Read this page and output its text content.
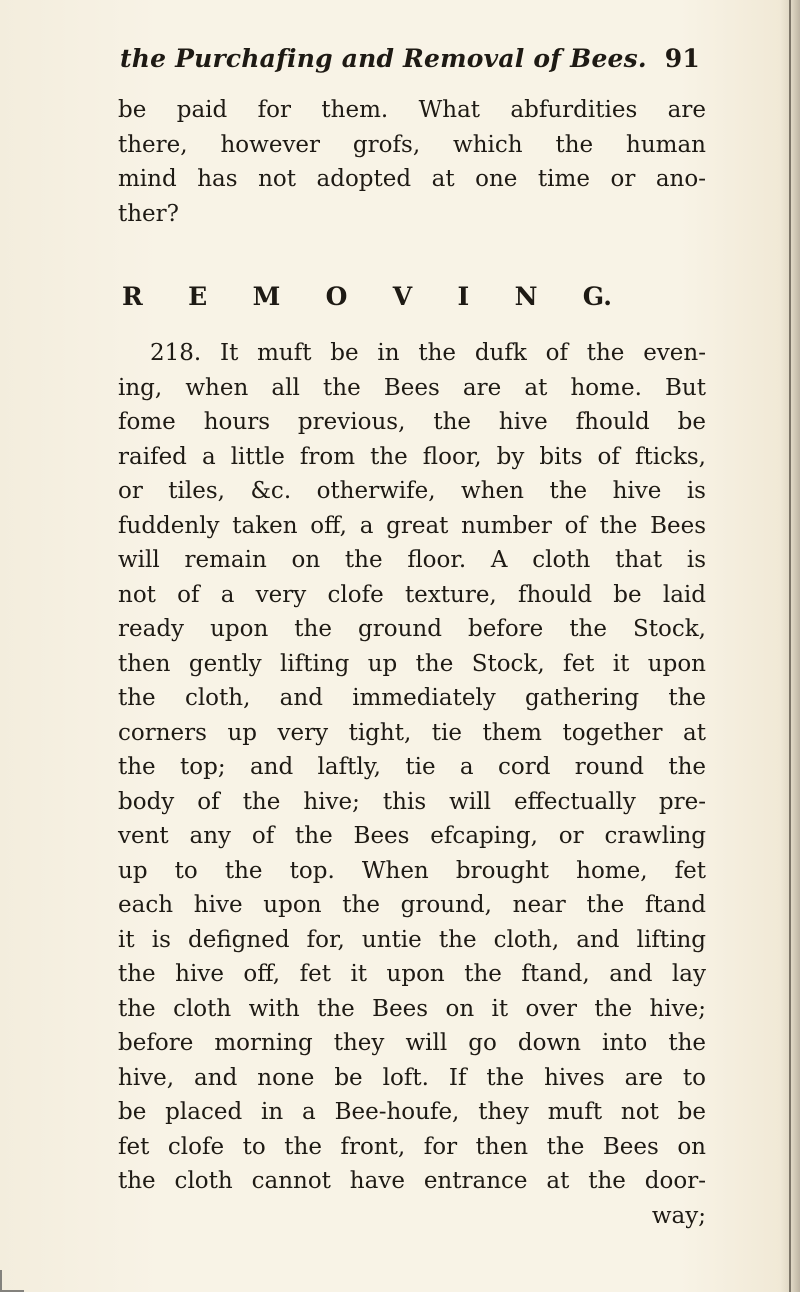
the Purchafing and Removal of Bees. 91
be paid for them. What abfurdities are
there, however grofs, which the human
mind has not adopted at one time or ano-
ther?
R E M O V I N G.
218. It muft be in the dufk of the even-
ing, when all the Bees are at home. But
fome hours previous, the hive fhould be
raifed a little from the floor, by bits of fticks,
or tiles, &c. otherwife, when the hive is
fuddenly taken off, a great number of the Bees
will remain on the floor. A cloth that is
not of a very clofe texture, fhould be laid
ready upon the ground before the Stock,
then gently lifting up the Stock, fet it upon
the cloth, and immediately gathering the
corners up very tight, tie them together at
the top; and laftly, tie a cord round the
body of the hive; this will effectually pre-
vent any of the Bees efcaping, or crawling
up to the top. When brought home, fet
each hive upon the ground, near the ftand
it is defigned for, untie the cloth, and lifting
the hive off, fet it upon the ftand, and lay
the cloth with the Bees on it over the hive;
before morning they will go down into the
hive, and none be loft. If the hives are to
be placed in a Bee-houfe, they muft not be
fet clofe to the front, for then the Bees on
the cloth cannot have entrance at the door-
way;
